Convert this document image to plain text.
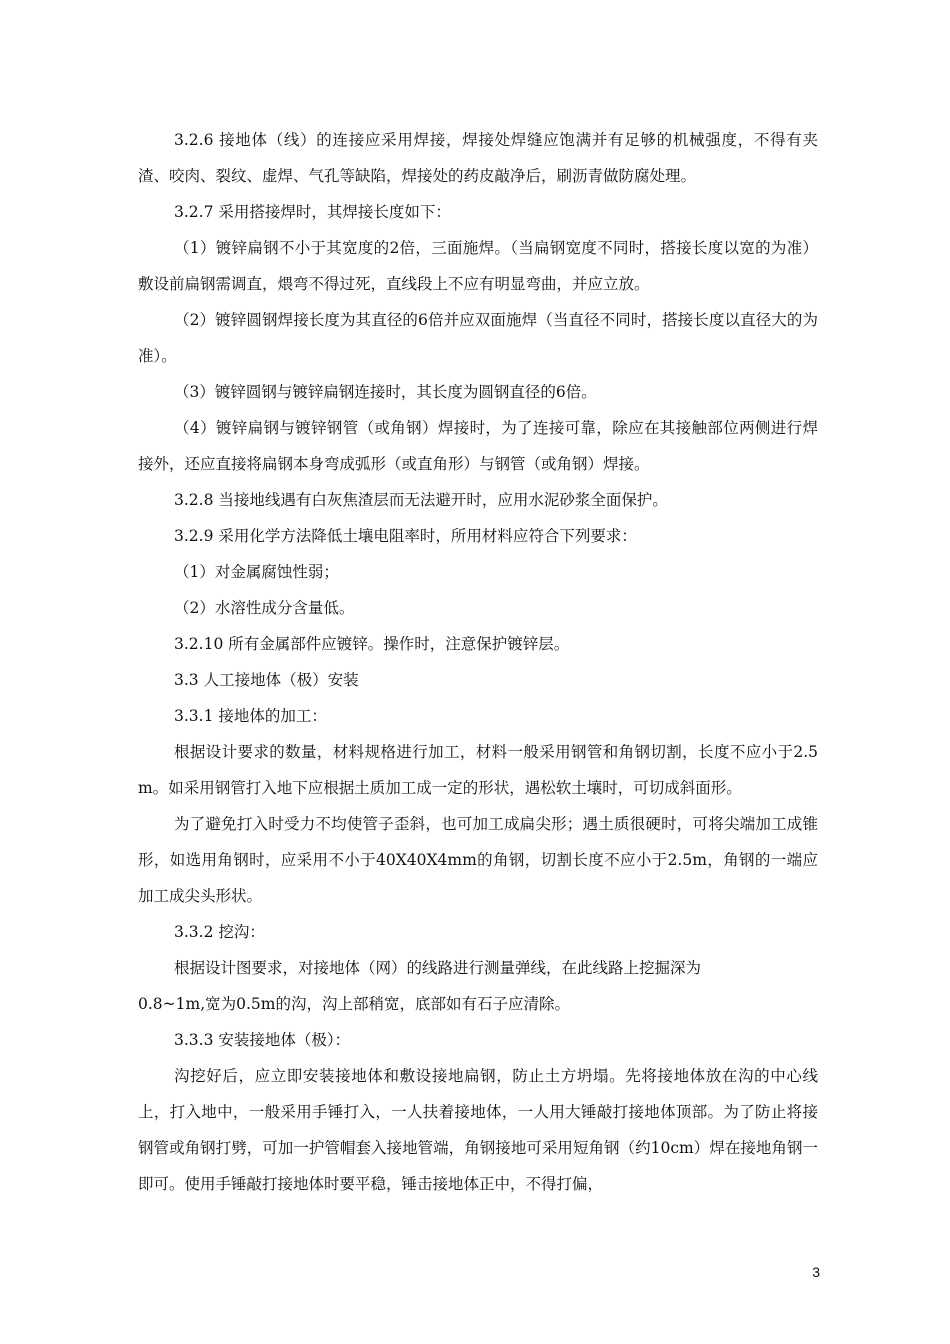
3.2.6 接地体（线）的连接应采用焊接，焊接处焊缝应饱满并有足够的机械强度，不得有夹渣、咬肉、裂纹、虚焊、气孔等缺陷，焊接处的药皮敲净后，刷沥青做防腐处理。

3.2.7 采用搭接焊时，其焊接长度如下：

（1）镀锌扁钢不小于其宽度的2倍，三面施焊。（当扁钢宽度不同时，搭接长度以宽的为准）敷设前扁钢需调直，煨弯不得过死，直线段上不应有明显弯曲，并应立放。

（2）镀锌圆钢焊接长度为其直径的6倍并应双面施焊（当直径不同时，搭接长度以直径大的为准）。

（3）镀锌圆钢与镀锌扁钢连接时，其长度为圆钢直径的6倍。

（4）镀锌扁钢与镀锌钢管（或角钢）焊接时，为了连接可靠，除应在其接触部位两侧进行焊接外，还应直接将扁钢本身弯成弧形（或直角形）与钢管（或角钢）焊接。

3.2.8 当接地线遇有白灰焦渣层而无法避开时，应用水泥砂浆全面保护。

3.2.9 采用化学方法降低土壤电阻率时，所用材料应符合下列要求：

（1）对金属腐蚀性弱；

（2）水溶性成分含量低。

3.2.10 所有金属部件应镀锌。操作时，注意保护镀锌层。

3.3 人工接地体（极）安装

3.3.1 接地体的加工：

根据设计要求的数量，材料规格进行加工，材料一般采用钢管和角钢切割，长度不应小于2.5m。如采用钢管打入地下应根据土质加工成一定的形状，遇松软土壤时，可切成斜面形。

为了避免打入时受力不均使管子歪斜，也可加工成扁尖形；遇土质很硬时，可将尖端加工成锥形，如选用角钢时，应采用不小于40X40X4mm的角钢，切割长度不应小于2.5m，角钢的一端应加工成尖头形状。

3.3.2 挖沟：

根据设计图要求，对接地体（网）的线路进行测量弹线，在此线路上挖掘深为

0.8~1m,宽为0.5m的沟，沟上部稍宽，底部如有石子应清除。

3.3.3 安装接地体（极）：

沟挖好后，应立即安装接地体和敷设接地扁钢，防止土方坍塌。先将接地体放在沟的中心线上，打入地中，一般采用手锤打入，一人扶着接地体，一人用大锤敲打接地体顶部。为了防止将接钢管或角钢打劈，可加一护管帽套入接地管端，角钢接地可采用短角钢（约10cm）焊在接地角钢一即可。使用手锤敲打接地体时要平稳，锤击接地体正中，不得打偏，

3
